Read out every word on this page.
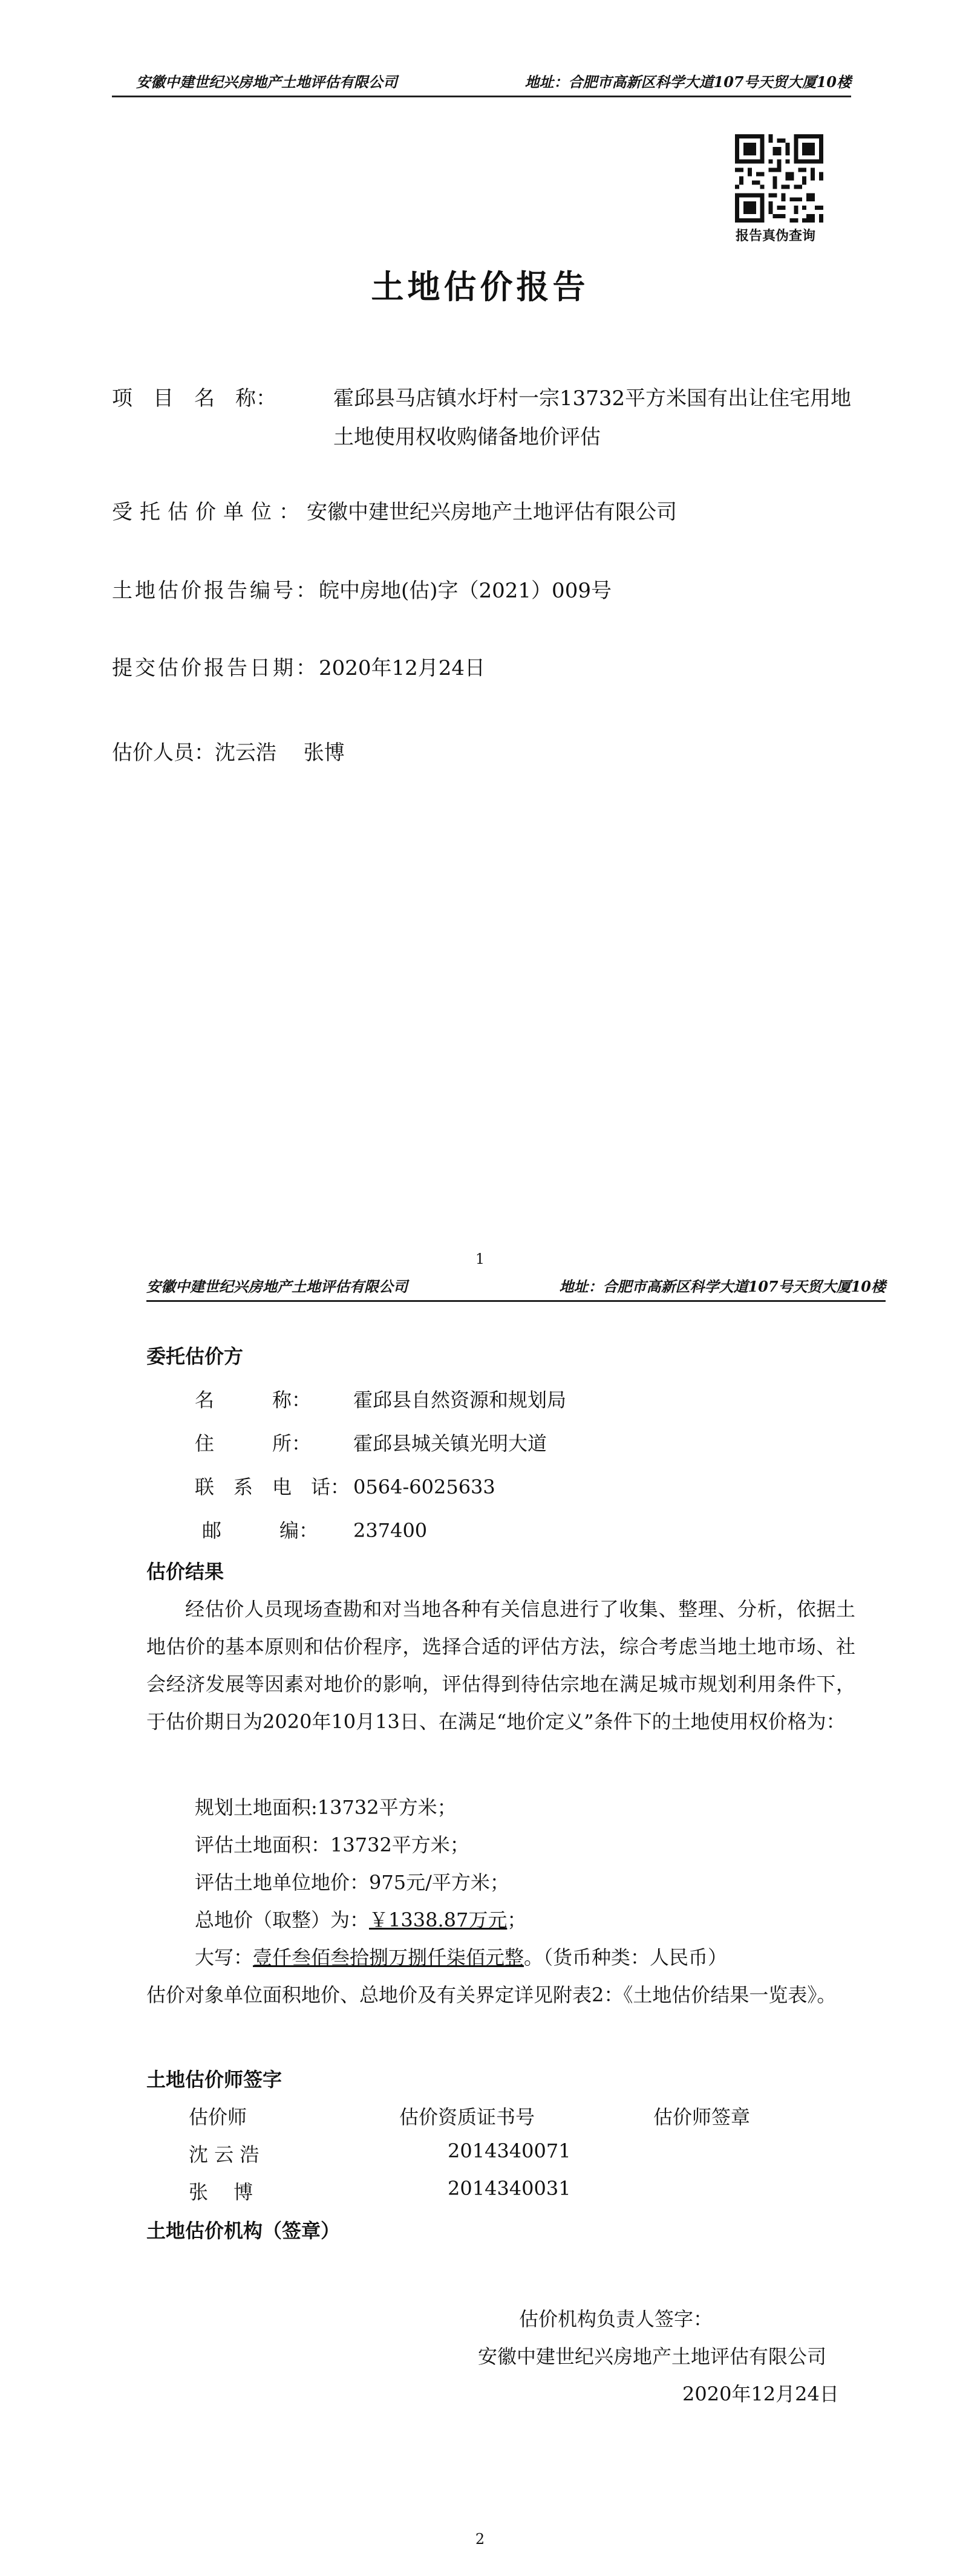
安徽中建世纪兴房地产土地评估有限公司	地址：合肥市高新区科学大道107号天贸大厦10楼
报告真伪查询
土地估价报告
项　目　名　称：	霍邱县马店镇水圩村一宗13732平方米国有出让住宅用地土地使用权收购储备地价评估
受托估价单位：安徽中建世纪兴房地产土地评估有限公司
土地估价报告编号：皖中房地(估)字（2021）009号
提交估价报告日期：2020年12月24日
估价人员：沈云浩　 张博
1
安徽中建世纪兴房地产土地评估有限公司	地址：合肥市高新区科学大道107号天贸大厦10楼
委托估价方
名　　　称： 霍邱县自然资源和规划局
住　　　所： 霍邱县城关镇光明大道
联　系　电　话： 0564-6025633
邮　　　编： 237400
估价结果
经估价人员现场查勘和对当地各种有关信息进行了收集、整理、分析，依据土地估价的基本原则和估价程序，选择合适的评估方法，综合考虑当地土地市场、社会经济发展等因素对地价的影响，评估得到待估宗地在满足城市规划利用条件下，于估价期日为2020年10月13日、在满足“地价定义”条件下的土地使用权价格为：
规划土地面积:13732平方米；
评估土地面积：13732平方米；
评估土地单位地价：975元/平方米；
总地价（取整）为：￥1338.87万元；
大写：壹仟叁佰叁拾捌万捌仟柒佰元整。（货币种类：人民币）
估价对象单位面积地价、总地价及有关界定详见附表2：《土地估价结果一览表》。
土地估价师签字
估价师	估价资质证书号	估价师签章
沈 云 浩	2014340071
张　 博	2014340031
土地估价机构（签章）
估价机构负责人签字：
安徽中建世纪兴房地产土地评估有限公司
2020年12月24日
2
